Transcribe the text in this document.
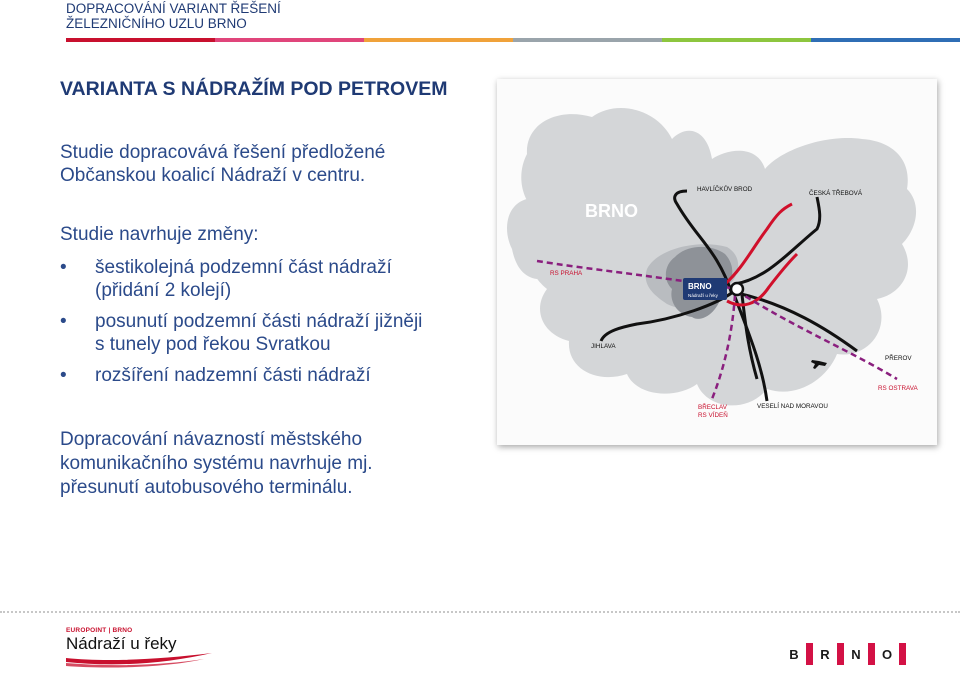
DOPRACOVÁNÍ VARIANT ŘEŠENÍ
ŽELEZNIČNÍHO UZLU BRNO
VARIANTA S NÁDRAŽÍM POD PETROVEM
Studie dopracovává řešení předložené
Občanskou koalicí Nádraží v centru.
Studie navrhuje změny:
• šestikolejná podzemní část nádraží
(přidání 2 kolejí)
• posunutí podzemní části nádraží jižněji
s tunely pod řekou Svratkou
• rozšíření nadzemní části nádraží
Dopracování návazností městského
komunikačního systému navrhuje mj.
přesunutí autobusového terminálu.
BRNO
BRNO
Nádraží u řeky
HAVLÍČKŮV BROD
ČESKÁ TŘEBOVÁ
RS PRAHA
JIHLAVA
PŘEROV
RS OSTRAVA
BŘECLAV
RS VÍDEŇ
VESELÍ NAD MORAVOU
EUROPOINT | BRNO
Nádraží u řeky
B	R	N	O
